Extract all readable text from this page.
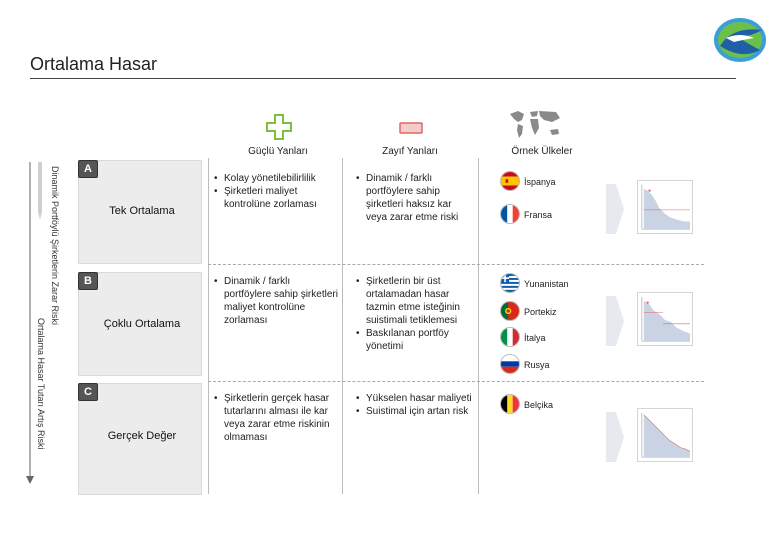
Ortalama Hasar
Güçlü Yanları	Zayıf Yanları	Örnek Ülkeler
Dinamik Portföylü Şirketlerin Zarar Riski
Ortalama Hasar Tutarı Artış Riski
A
Tek Ortalama
• Kolay yönetilebilirlilik
• Şirketleri maliyet kontrolüne zorlaması
• Dinamik / farklı portföylere sahip şirketleri haksız kar veya zarar etme riski
B
Çoklu Ortalama
• Dinamik / farklı portföylere sahip şirketleri maliyet kontrolüne zorlaması
• Şirketlerin bir üst ortalamadan hasar tazmin etme isteğinin suistimali tetiklemesi
• Baskılanan portföy yönetimi
C
Gerçek Değer
• Şirketlerin gerçek hasar tutarlarını alması ile kar veya zarar etme riskinin olmaması
• Yükselen hasar maliyeti
• Suistimal için artan risk
İspanya
Fransa
Yunanistan
Portekiz
İtalya
Rusya
Belçika
